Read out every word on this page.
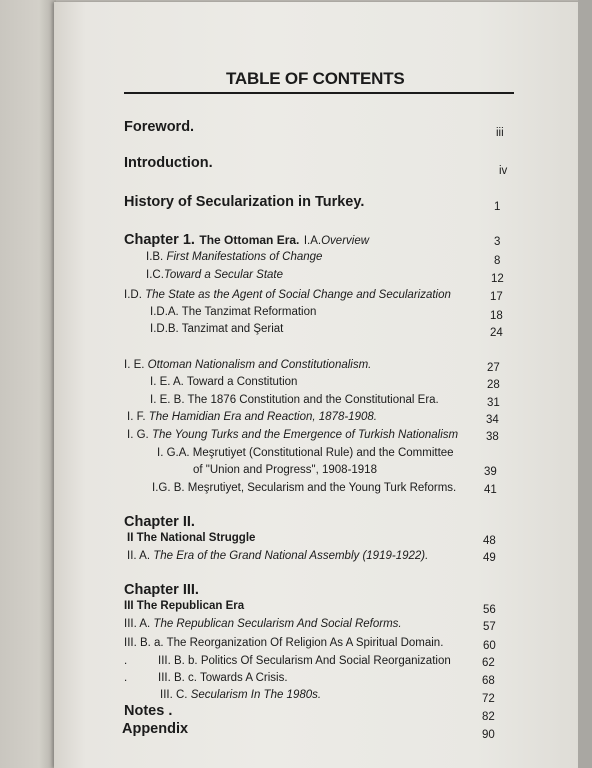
TABLE OF CONTENTS
Foreword.	iii
Introduction.	iv
History of Secularization in Turkey.	1
Chapter 1. The Ottoman Era. I.A.Overview	3
I.B. First Manifestations of Change	8
I.C.Toward a Secular State	12
I.D. The State as the Agent of Social Change and Secularization	17
I.D.A. The Tanzimat Reformation	18
I.D.B. Tanzimat and Şeriat	24
I. E. Ottoman Nationalism and Constitutionalism.	27
I. E. A. Toward a Constitution	28
I. E. B. The 1876 Constitution and the Constitutional Era.	31
I. F. The Hamidian Era and Reaction, 1878-1908.	34
I. G. The Young Turks and the Emergence of Turkish Nationalism 38
I. G.A. Meşrutiyet (Constitutional Rule) and the Committee
of "Union and Progress", 1908-1918	39
I.G. B. Meşrutiyet, Secularism and the Young Turk Reforms. 41
Chapter II.
II The National Struggle	48
II. A. The Era of the Grand National Assembly (1919-1922).	49
Chapter III.
III The Republican Era	56
III. A. The Republican Secularism And Social Reforms.	57
III. B. a. The Reorganization Of Religion As A Spiritual Domain.	60
.	III. B. b. Politics Of Secularism And Social Reorganization	62
.	III. B. c. Towards A Crisis.	68
III. C. Secularism In The 1980s.	72
Notes .	82
Appendix	90
